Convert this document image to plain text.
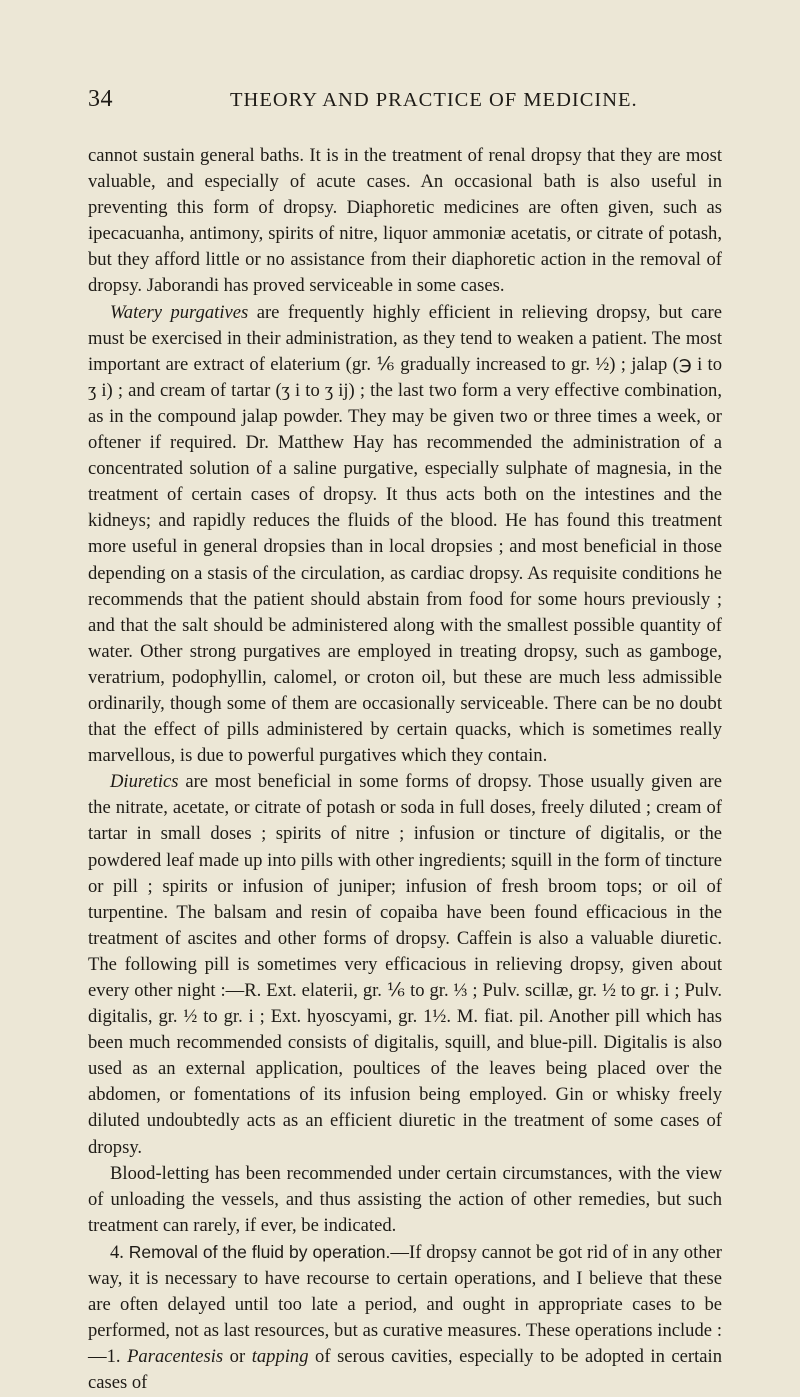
34	THEORY AND PRACTICE OF MEDICINE.

cannot sustain general baths. It is in the treatment of renal dropsy that they are most valuable, and especially of acute cases. An occasional bath is also useful in preventing this form of dropsy. Diaphoretic medicines are often given, such as ipecacuanha, antimony, spirits of nitre, liquor ammoniæ acetatis, or citrate of potash, but they afford little or no assistance from their diaphoretic action in the removal of dropsy. Jaborandi has proved serviceable in some cases.

Watery purgatives are frequently highly efficient in relieving dropsy, but care must be exercised in their administration, as they tend to weaken a patient. The most important are extract of elaterium (gr. ⅙ gradually increased to gr. ½) ; jalap (℈ i to ʒ i) ; and cream of tartar (ʒ i to ʒ ij) ; the last two form a very effective combination, as in the compound jalap powder. They may be given two or three times a week, or oftener if required. Dr. Matthew Hay has recommended the administration of a concentrated solution of a saline purgative, especially sulphate of magnesia, in the treatment of certain cases of dropsy. It thus acts both on the intestines and the kidneys; and rapidly reduces the fluids of the blood. He has found this treatment more useful in general dropsies than in local dropsies ; and most beneficial in those depending on a stasis of the circulation, as cardiac dropsy. As requisite conditions he recommends that the patient should abstain from food for some hours previously ; and that the salt should be administered along with the smallest possible quantity of water. Other strong purgatives are employed in treating dropsy, such as gamboge, veratrium, podophyllin, calomel, or croton oil, but these are much less admissible ordinarily, though some of them are occasionally serviceable. There can be no doubt that the effect of pills administered by certain quacks, which is sometimes really marvellous, is due to powerful purgatives which they contain.

Diuretics are most beneficial in some forms of dropsy. Those usually given are the nitrate, acetate, or citrate of potash or soda in full doses, freely diluted ; cream of tartar in small doses ; spirits of nitre ; infusion or tincture of digitalis, or the powdered leaf made up into pills with other ingredients; squill in the form of tincture or pill ; spirits or infusion of juniper; infusion of fresh broom tops; or oil of turpentine. The balsam and resin of copaiba have been found efficacious in the treatment of ascites and other forms of dropsy. Caffein is also a valuable diuretic. The following pill is sometimes very efficacious in relieving dropsy, given about every other night :—R. Ext. elaterii, gr. ⅙ to gr. ⅓ ; Pulv. scillæ, gr. ½ to gr. i ; Pulv. digitalis, gr. ½ to gr. i ; Ext. hyoscyami, gr. 1½. M. fiat. pil. Another pill which has been much recommended consists of digitalis, squill, and blue-pill. Digitalis is also used as an external application, poultices of the leaves being placed over the abdomen, or fomentations of its infusion being employed. Gin or whisky freely diluted undoubtedly acts as an efficient diuretic in the treatment of some cases of dropsy.

Blood-letting has been recommended under certain circumstances, with the view of unloading the vessels, and thus assisting the action of other remedies, but such treatment can rarely, if ever, be indicated.

4. Removal of the fluid by operation.—If dropsy cannot be got rid of in any other way, it is necessary to have recourse to certain operations, and I believe that these are often delayed until too late a period, and ought in appropriate cases to be performed, not as last resources, but as curative measures. These operations include :—1. Paracentesis or tapping of serous cavities, especially to be adopted in certain cases of
